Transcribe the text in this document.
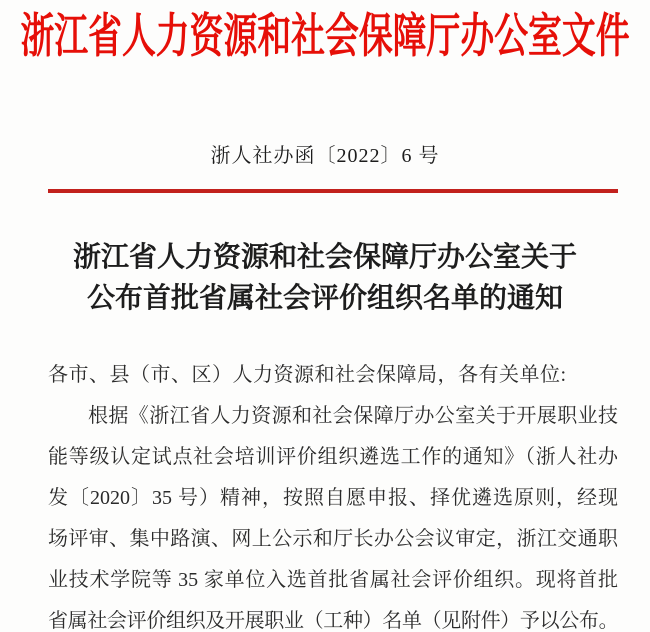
浙江省人力资源和社会保障厅办公室文件
浙人社办函〔2022〕6 号
浙江省人力资源和社会保障厅办公室关于
公布首批省属社会评价组织名单的通知
各市、县（市、区）人力资源和社会保障局，各有关单位:
根据《浙江省人力资源和社会保障厅办公室关于开展职业技
能等级认定试点社会培训评价组织遴选工作的通知》（浙人社办
发〔2020〕35 号）精神，按照自愿申报、择优遴选原则，经现
场评审、集中路演、网上公示和厅长办公会议审定，浙江交通职
业技术学院等 35 家单位入选首批省属社会评价组织。现将首批
省属社会评价组织及开展职业（工种）名单（见附件）予以公布。
